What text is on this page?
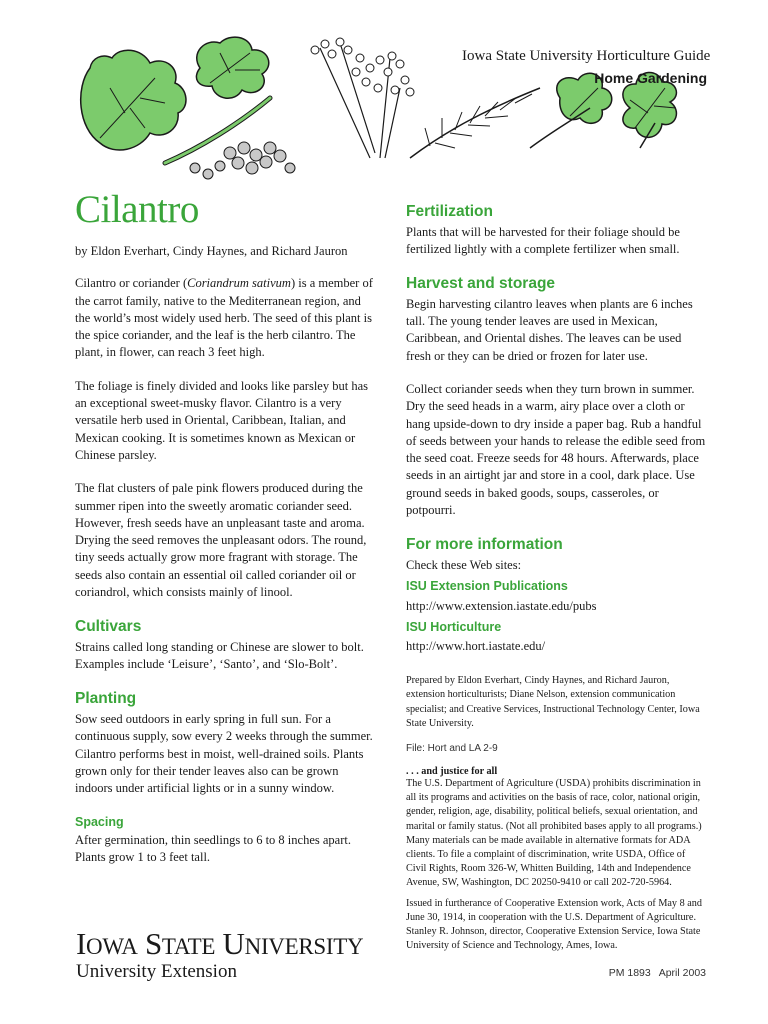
Iowa State University Horticulture Guide
Home Gardening
Cilantro
by Eldon Everhart, Cindy Haynes, and Richard Jauron

Cilantro or coriander (Coriandrum sativum) is a member of the carrot family, native to the Mediterranean region, and the world’s most widely used herb. The seed of this plant is the spice coriander, and the leaf is the herb cilantro. The plant, in flower, can reach 3 feet high.

The foliage is finely divided and looks like parsley but has an exceptional sweet-musky flavor. Cilantro is a very versatile herb used in Oriental, Caribbean, Italian, and Mexican cooking. It is sometimes known as Mexican or Chinese parsley.

The flat clusters of pale pink flowers produced during the summer ripen into the sweetly aromatic coriander seed. However, fresh seeds have an unpleasant taste and aroma. Drying the seed removes the unpleasant odors. The round, tiny seeds actually grow more fragrant with storage. The seeds also contain an essential oil called coriander oil or coriandrol, which consists mainly of linool.

Cultivars

Strains called long standing or Chinese are slower to bolt. Examples include ‘Leisure’, ‘Santo’, and ‘Slo-Bolt’.

Planting

Sow seed outdoors in early spring in full sun. For a continuous supply, sow every 2 weeks through the summer. Cilantro performs best in moist, well-drained soils. Plants grown only for their tender leaves also can be grown indoors under artificial lights or in a sunny window.

Spacing

After germination, thin seedlings to 6 to 8 inches apart. Plants grow 1 to 3 feet tall.

Fertilization

Plants that will be harvested for their foliage should be fertilized lightly with a complete fertilizer when small.

Harvest and storage

Begin harvesting cilantro leaves when plants are 6 inches tall. The young tender leaves are used in Mexican, Caribbean, and Oriental dishes. The leaves can be used fresh or they can be dried or frozen for later use.

Collect coriander seeds when they turn brown in summer. Dry the seed heads in a warm, airy place over a cloth or hang upside-down to dry inside a paper bag. Rub a handful of seeds between your hands to release the edible seed from the seed coat. Freeze seeds for 48 hours. Afterwards, place seeds in an airtight jar and store in a cool, dark place. Use ground seeds in baked goods, soups, casseroles, or potpourri.

For more information

Check these Web sites:

ISU Extension Publications
http://www.extension.iastate.edu/pubs
ISU Horticulture
http://www.hort.iastate.edu/

Prepared by Eldon Everhart, Cindy Haynes, and Richard Jauron, extension horticulturists; Diane Nelson, extension communication specialist; and Creative Services, Instructional Technology Center, Iowa State University.

File: Hort and LA 2-9
. . . and justice for all

The U.S. Department of Agriculture (USDA) prohibits discrimination in all its programs and activities on the basis of race, color, national origin, gender, religion, age, disability, political beliefs, sexual orientation, and marital or family status. (Not all prohibited bases apply to all programs.) Many materials can be made available in alternative formats for ADA clients. To file a complaint of discrimination, write USDA, Office of Civil Rights, Room 326-W, Whitten Building, 14th and Independence Avenue, SW, Washington, DC 20250-9410 or call 202-720-5964.

Issued in furtherance of Cooperative Extension work, Acts of May 8 and June 30, 1914, in cooperation with the U.S. Department of Agriculture. Stanley R. Johnson, director, Cooperative Extension Service, Iowa State University of Science and Technology, Ames, Iowa.

IOWA STATE UNIVERSITY
University Extension	PM 1893 April 2003
